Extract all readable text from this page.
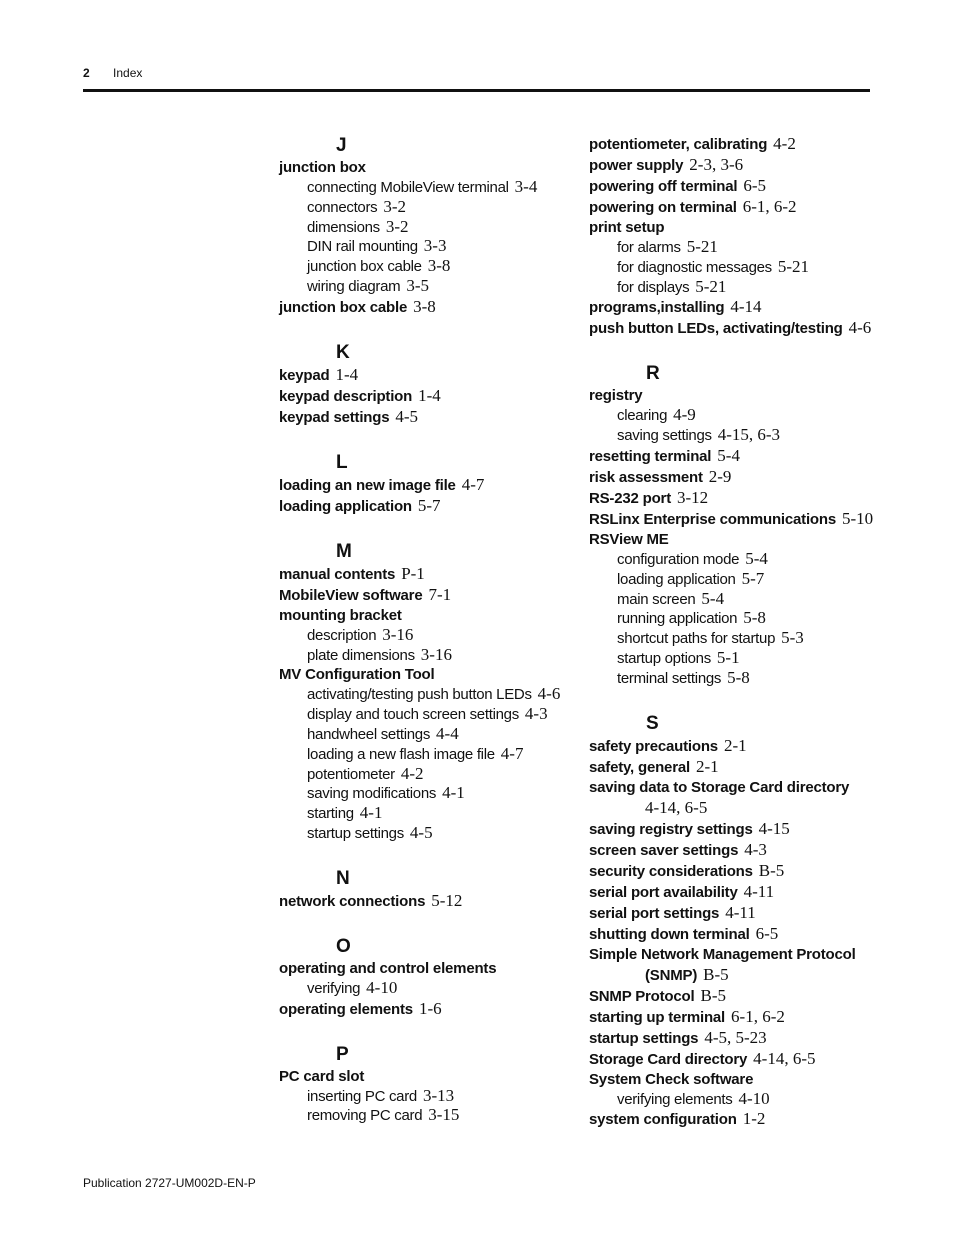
2 Index
J
junction box
connecting MobileView terminal 3-4
connectors 3-2
dimensions 3-2
DIN rail mounting 3-3
junction box cable 3-8
wiring diagram 3-5
junction box cable 3-8
K
keypad 1-4
keypad description 1-4
keypad settings 4-5
L
loading an new image file 4-7
loading application 5-7
M
manual contents P-1
MobileView software 7-1
mounting bracket
description 3-16
plate dimensions 3-16
MV Configuration Tool
activating/testing push button LEDs 4-6
display and touch screen settings 4-3
handwheel settings 4-4
loading a new flash image file 4-7
potentiometer 4-2
saving modifications 4-1
starting 4-1
startup settings 4-5
N
network connections 5-12
O
operating and control elements
verifying 4-10
operating elements 1-6
P
PC card slot
inserting PC card 3-13
removing PC card 3-15
potentiometer, calibrating 4-2
power supply 2-3, 3-6
powering off terminal 6-5
powering on terminal 6-1, 6-2
print setup
for alarms 5-21
for diagnostic messages 5-21
for displays 5-21
programs,installing 4-14
push button LEDs, activating/testing 4-6
R
registry
clearing 4-9
saving settings 4-15, 6-3
resetting terminal 5-4
risk assessment 2-9
RS-232 port 3-12
RSLinx Enterprise communications 5-10
RSView ME
configuration mode 5-4
loading application 5-7
main screen 5-4
running application 5-8
shortcut paths for startup 5-3
startup options 5-1
terminal settings 5-8
S
safety precautions 2-1
safety, general 2-1
saving data to Storage Card directory
4-14, 6-5
saving registry settings 4-15
screen saver settings 4-3
security considerations B-5
serial port availability 4-11
serial port settings 4-11
shutting down terminal 6-5
Simple Network Management Protocol
(SNMP) B-5
SNMP Protocol B-5
starting up terminal 6-1, 6-2
startup settings 4-5, 5-23
Storage Card directory 4-14, 6-5
System Check software
verifying elements 4-10
system configuration 1-2
Publication 2727-UM002D-EN-P
